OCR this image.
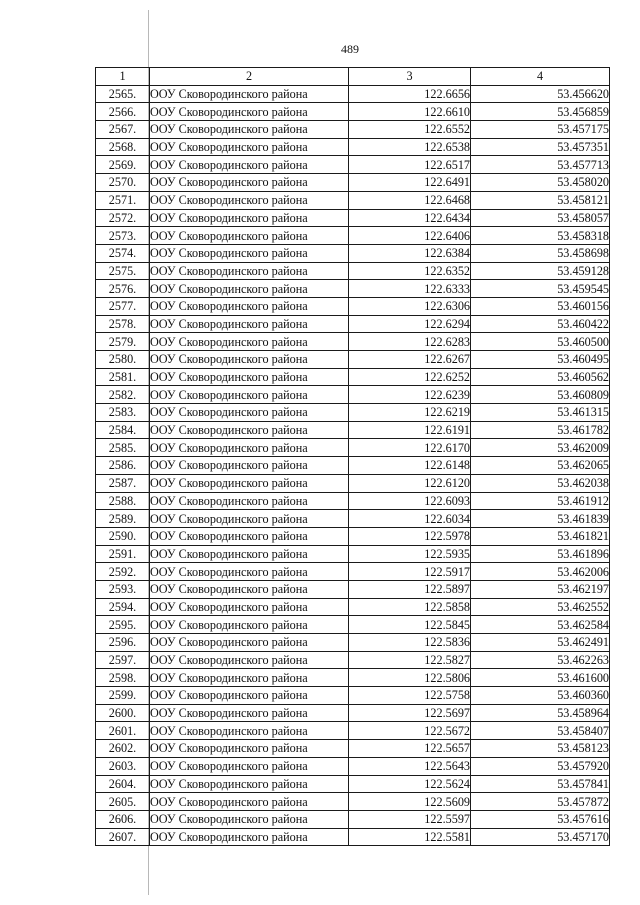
489
1	2	3	4
2565.	ООУ Сковородинского района	122.6656	53.456620
2566.	ООУ Сковородинского района	122.6610	53.456859
2567.	ООУ Сковородинского района	122.6552	53.457175
2568.	ООУ Сковородинского района	122.6538	53.457351
2569.	ООУ Сковородинского района	122.6517	53.457713
2570.	ООУ Сковородинского района	122.6491	53.458020
2571.	ООУ Сковородинского района	122.6468	53.458121
2572.	ООУ Сковородинского района	122.6434	53.458057
2573.	ООУ Сковородинского района	122.6406	53.458318
2574.	ООУ Сковородинского района	122.6384	53.458698
2575.	ООУ Сковородинского района	122.6352	53.459128
2576.	ООУ Сковородинского района	122.6333	53.459545
2577.	ООУ Сковородинского района	122.6306	53.460156
2578.	ООУ Сковородинского района	122.6294	53.460422
2579.	ООУ Сковородинского района	122.6283	53.460500
2580.	ООУ Сковородинского района	122.6267	53.460495
2581.	ООУ Сковородинского района	122.6252	53.460562
2582.	ООУ Сковородинского района	122.6239	53.460809
2583.	ООУ Сковородинского района	122.6219	53.461315
2584.	ООУ Сковородинского района	122.6191	53.461782
2585.	ООУ Сковородинского района	122.6170	53.462009
2586.	ООУ Сковородинского района	122.6148	53.462065
2587.	ООУ Сковородинского района	122.6120	53.462038
2588.	ООУ Сковородинского района	122.6093	53.461912
2589.	ООУ Сковородинского района	122.6034	53.461839
2590.	ООУ Сковородинского района	122.5978	53.461821
2591.	ООУ Сковородинского района	122.5935	53.461896
2592.	ООУ Сковородинского района	122.5917	53.462006
2593.	ООУ Сковородинского района	122.5897	53.462197
2594.	ООУ Сковородинского района	122.5858	53.462552
2595.	ООУ Сковородинского района	122.5845	53.462584
2596.	ООУ Сковородинского района	122.5836	53.462491
2597.	ООУ Сковородинского района	122.5827	53.462263
2598.	ООУ Сковородинского района	122.5806	53.461600
2599.	ООУ Сковородинского района	122.5758	53.460360
2600.	ООУ Сковородинского района	122.5697	53.458964
2601.	ООУ Сковородинского района	122.5672	53.458407
2602.	ООУ Сковородинского района	122.5657	53.458123
2603.	ООУ Сковородинского района	122.5643	53.457920
2604.	ООУ Сковородинского района	122.5624	53.457841
2605.	ООУ Сковородинского района	122.5609	53.457872
2606.	ООУ Сковородинского района	122.5597	53.457616
2607.	ООУ Сковородинского района	122.5581	53.457170
